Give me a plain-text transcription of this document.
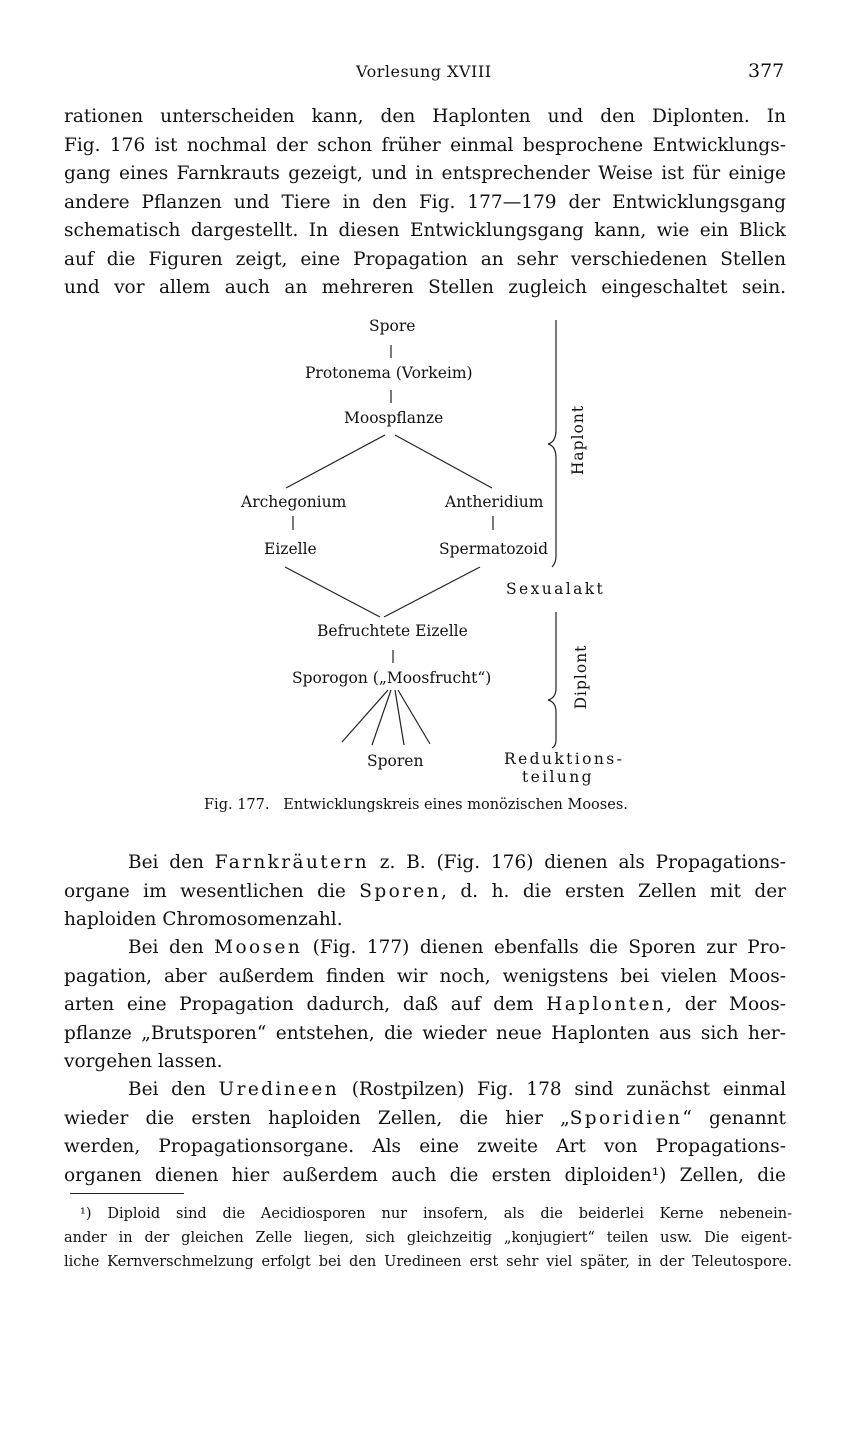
Vorlesung XVIII	377
rationen unterscheiden kann, den Haplonten und den Diplonten. In
Fig. 176 ist nochmal der schon früher einmal besprochene Entwicklungs-
gang eines Farnkrauts gezeigt, und in entsprechender Weise ist für einige
andere Pflanzen und Tiere in den Fig. 177—179 der Entwicklungsgang
schematisch dargestellt. In diesen Entwicklungsgang kann, wie ein Blick
auf die Figuren zeigt, eine Propagation an sehr verschiedenen Stellen
und vor allem auch an mehreren Stellen zugleich eingeschaltet sein.
Spore
Protonema (Vorkeim)
Moospflanze
Archegonium	Antheridium
Eizelle	Spermatozoid
Sexualakt
Befruchtete Eizelle
Sporogon („Moosfrucht“)
Sporen	Reduktions-
teilung
Haplont
Diplont
Fig. 177.   Entwicklungskreis eines monözischen Mooses.
Bei den Farnkräutern z. B. (Fig. 176) dienen als Propagations-
organe im wesentlichen die Sporen, d. h. die ersten Zellen mit der
haploiden Chromosomenzahl.
Bei den Moosen (Fig. 177) dienen ebenfalls die Sporen zur Pro-
pagation, aber außerdem finden wir noch, wenigstens bei vielen Moos-
arten eine Propagation dadurch, daß auf dem Haplonten, der Moos-
pflanze „Brutsporen“ entstehen, die wieder neue Haplonten aus sich her-
vorgehen lassen.
Bei den Uredineen (Rostpilzen) Fig. 178 sind zunächst einmal
wieder die ersten haploiden Zellen, die hier „Sporidien“ genannt
werden, Propagationsorgane. Als eine zweite Art von Propagations-
organen dienen hier außerdem auch die ersten diploiden¹) Zellen, die
¹) Diploid sind die Aecidiosporen nur insofern, als die beiderlei Kerne nebenein-
ander in der gleichen Zelle liegen, sich gleichzeitig „konjugiert“ teilen usw. Die eigent-
liche Kernverschmelzung erfolgt bei den Uredineen erst sehr viel später, in der Teleutospore.
